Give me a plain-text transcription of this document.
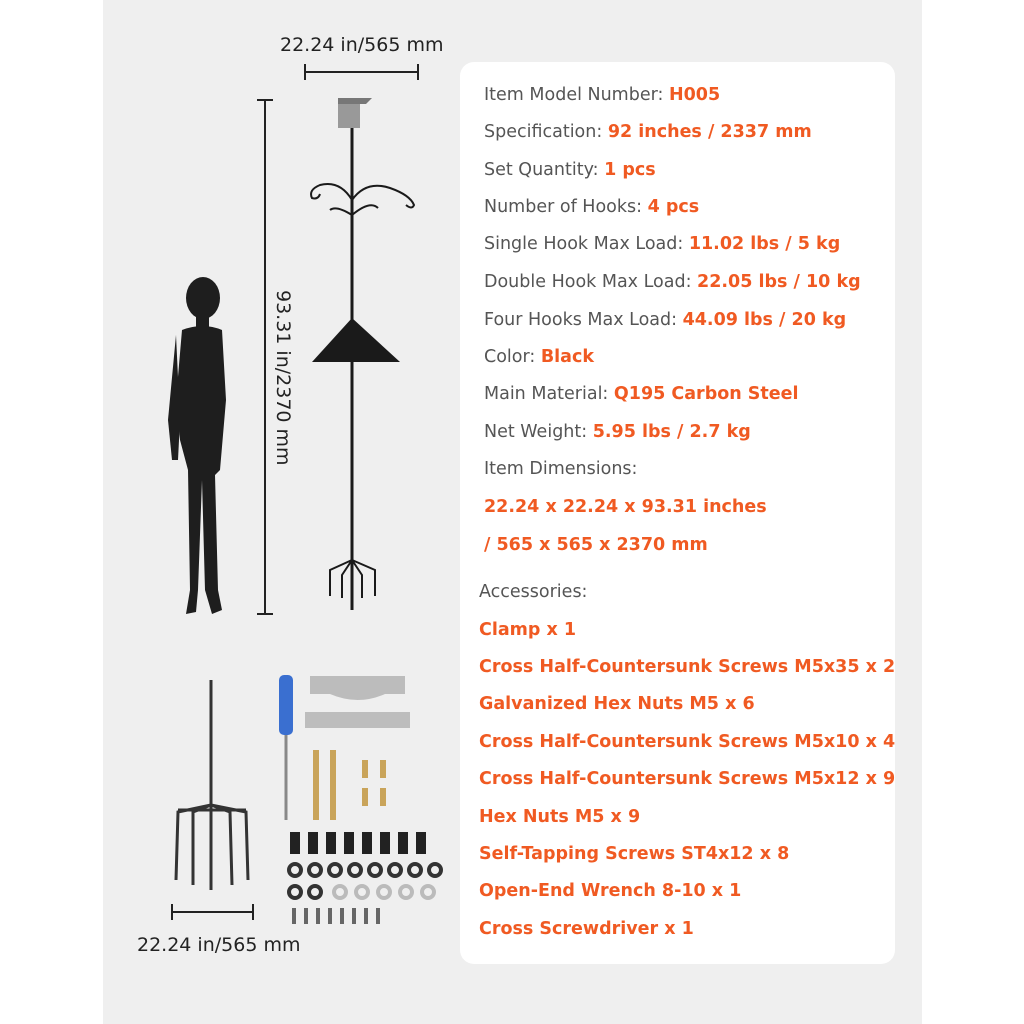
22.24 in/565 mm
22.24 in/565 mm
93.31 in/2370 mm
Item Model Number: H005
Specification: 92 inches / 2337 mm
Set Quantity: 1 pcs
Number of Hooks: 4 pcs
Single Hook Max Load: 11.02 lbs / 5 kg
Double Hook Max Load: 22.05 lbs / 10 kg
Four Hooks Max Load: 44.09 lbs / 20 kg
Color: Black
Main Material: Q195 Carbon Steel
Net Weight: 5.95 lbs / 2.7 kg
Item Dimensions:
22.24 x 22.24 x 93.31 inches
/ 565 x 565 x 2370 mm
Accessories:
Clamp x 1
Cross Half-Countersunk Screws M5x35 x 2
Galvanized Hex Nuts M5 x 6
Cross Half-Countersunk Screws M5x10 x 4
Cross Half-Countersunk Screws M5x12 x 9
Hex Nuts M5 x 9
Self-Tapping Screws ST4x12 x 8
Open-End Wrench 8-10 x 1
Cross Screwdriver x 1
